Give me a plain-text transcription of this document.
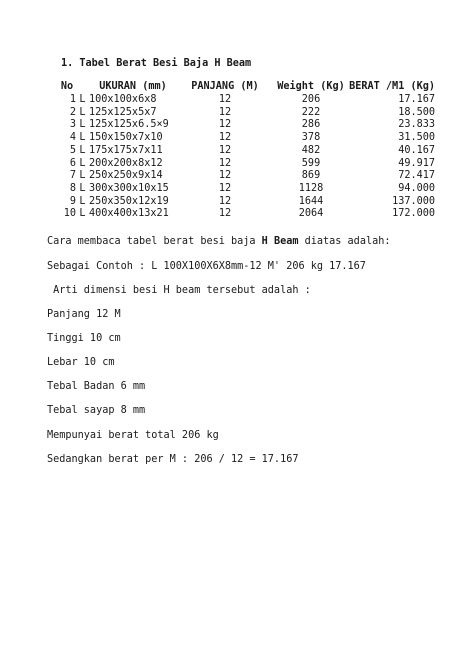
1. Tabel Berat Besi Baja H Beam
No		UKURAN (mm)	PANJANG (M)	Weight (Kg)	BERAT /M1 (Kg)
1	L	100x100x6x8	12	206	17.167
2	L	125x125x5x7	12	222	18.500
3	L	125x125x6.5×9	12	286	23.833
4	L	150x150x7x10	12	378	31.500
5	L	175x175x7x11	12	482	40.167
6	L	200x200x8x12	12	599	49.917
7	L	250x250x9x14	12	869	72.417
8	L	300x300x10x15	12	1128	94.000
9	L	250x350x12x19	12	1644	137.000
10	L	400x400x13x21	12	2064	172.000
Cara membaca tabel berat besi baja H Beam diatas adalah:
Sebagai Contoh : L 100X100X6X8mm-12 M' 206 kg 17.167
Arti dimensi besi H beam tersebut adalah :
Panjang 12 M
Tinggi 10 cm
Lebar 10 cm
Tebal Badan 6 mm
Tebal sayap 8 mm
Mempunyai berat total 206 kg
Sedangkan berat per M : 206 / 12 = 17.167
